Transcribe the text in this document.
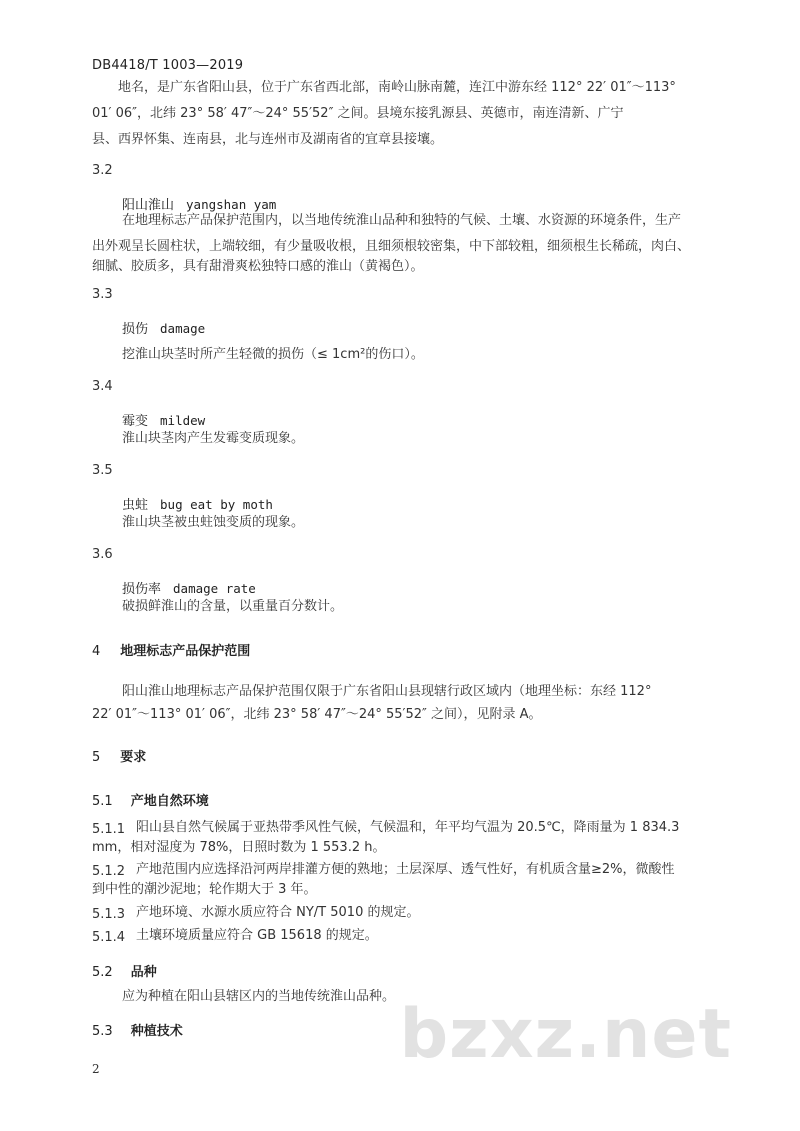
DB4418/T 1003—2019
地名，是广东省阳山县，位于广东省西北部，南岭山脉南麓，连江中游东经 112° 22′ 01″～113°
01′ 06″，北纬 23° 58′ 47″～24° 55′52″ 之间。县境东接乳源县、英德市，南连清新、广宁
县、西界怀集、连南县，北与连州市及湖南省的宜章县接壤。
3.2
阳山淮山 yangshan yam
在地理标志产品保护范围内，以当地传统淮山品种和独特的气候、土壤、水资源的环境条件，生产
出外观呈长圆柱状，上端较细，有少量吸收根，且细须根较密集，中下部较粗，细须根生长稀疏，肉白、
细腻、胶质多，具有甜滑爽松独特口感的淮山（黄褐色）。
3.3
损伤 damage
挖淮山块茎时所产生轻微的损伤（≤ 1cm²的伤口）。
3.4
霉变 mildew
淮山块茎肉产生发霉变质现象。
3.5
虫蛀 bug eat by moth
淮山块茎被虫蛀蚀变质的现象。
3.6
损伤率 damage rate
破损鲜淮山的含量，以重量百分数计。
4 地理标志产品保护范围
阳山淮山地理标志产品保护范围仅限于广东省阳山县现辖行政区域内（地理坐标：东经 112°
22′ 01″～113° 01′ 06″，北纬 23° 58′ 47″～24° 55′52″ 之间），见附录 A。
5 要求
5.1 产地自然环境
5.1.1 阳山县自然气候属于亚热带季风性气候，气候温和，年平均气温为 20.5℃，降雨量为 1 834.3
mm，相对湿度为 78%，日照时数为 1 553.2 h。
5.1.2 产地范围内应选择沿河两岸排灌方便的熟地；土层深厚、透气性好，有机质含量≥2%，微酸性
到中性的潮沙泥地；轮作期大于 3 年。
5.1.3 产地环境、水源水质应符合 NY/T 5010 的规定。
5.1.4 土壤环境质量应符合 GB 15618 的规定。
5.2 品种
应为种植在阳山县辖区内的当地传统淮山品种。
5.3 种植技术	bzxz.net
2
